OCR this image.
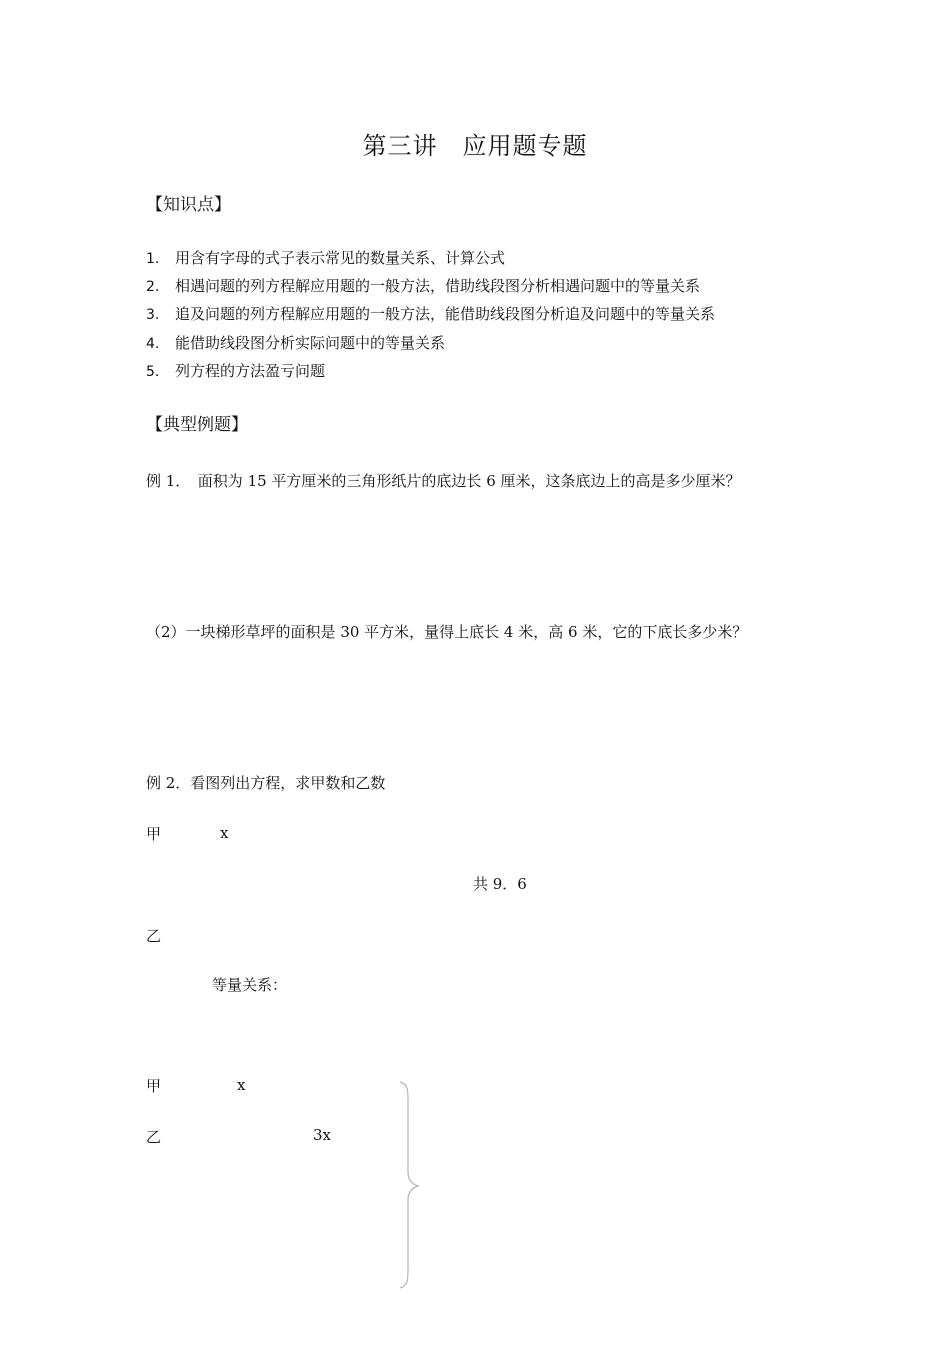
第三讲　应用题专题
【知识点】
1. 用含有字母的式子表示常见的数量关系、计算公式
2. 相遇问题的列方程解应用题的一般方法，借助线段图分析相遇问题中的等量关系
3. 追及问题的列方程解应用题的一般方法，能借助线段图分析追及问题中的等量关系
4. 能借助线段图分析实际问题中的等量关系
5. 列方程的方法盈亏问题
【典型例题】
例 1．　面积为 15 平方厘米的三角形纸片的底边长 6 厘米，这条底边上的高是多少厘米？
（2）一块梯形草坪的面积是 30 平方米，量得上底长 4 米，高 6 米，它的下底长多少米？
例 2．看图列出方程，求甲数和乙数
甲	x
共 9．6
乙
等量关系：
甲	x
乙	3x
